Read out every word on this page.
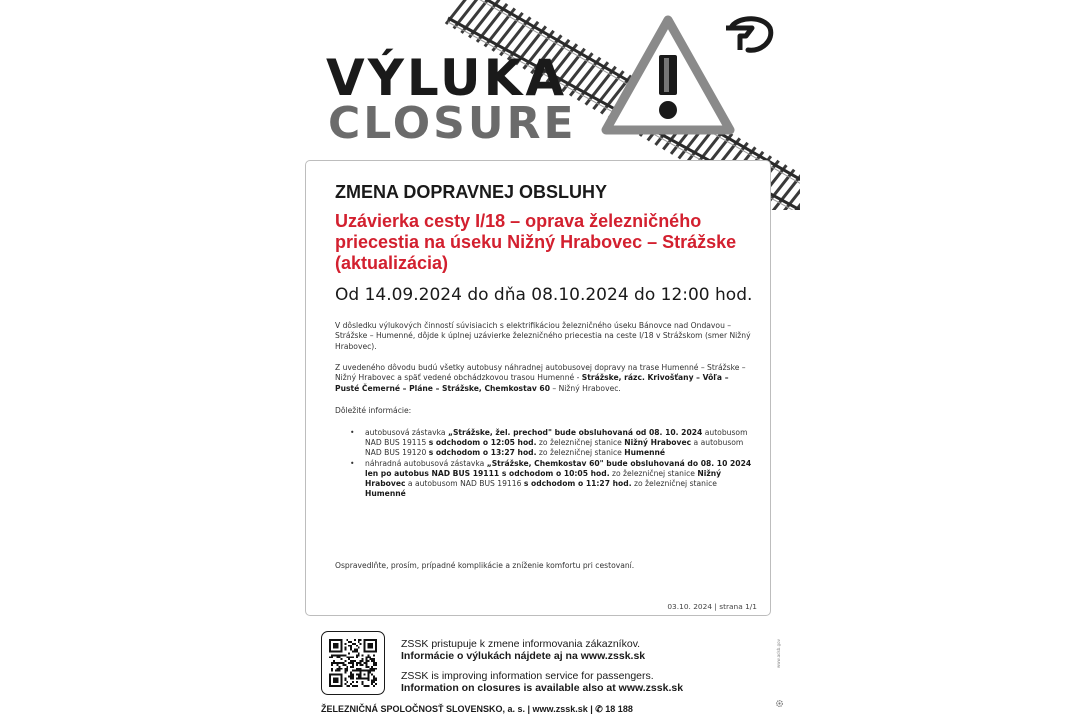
VÝLUKA
CLOSURE
ZMENA DOPRAVNEJ OBSLUHY
Uzávierka cesty I/18 – oprava železničného priecestia na úseku Nižný Hrabovec – Strážske (aktualizácia)
Od 14.09.2024 do dňa 08.10.2024 do 12:00 hod.
V dôsledku výlukových činností súvisiacich s elektrifikáciou železničného úseku Bánovce nad Ondavou – Strážske – Humenné, dôjde k úplnej uzávierke železničného priecestia na ceste I/18 v Strážskom (smer Nižný Hrabovec).
Z uvedeného dôvodu budú všetky autobusy náhradnej autobusovej dopravy na trase Humenné – Strážske – Nižný Hrabovec a späť vedené obchádzkovou trasou Humenné - Strážske, rázc. Krivošťany – Vôľa – Pusté Čemerné – Pláne – Strážske, Chemkostav 60 – Nižný Hrabovec.
Dôležité informácie:
• autobusová zástavka „Strážske, žel. prechod" bude obsluhovaná od 08. 10. 2024 autobusom NAD BUS 19115 s odchodom o 12:05 hod. zo železničnej stanice Nižný Hrabovec a autobusom NAD BUS 19120 s odchodom o 13:27 hod. zo železničnej stanice Humenné
• náhradná autobusová zástavka „Strážske, Chemkostav 60" bude obsluhovaná do 08. 10 2024 len po autobus NAD BUS 19111 s odchodom o 10:05 hod. zo železničnej stanice Nižný Hrabovec a autobusom NAD BUS 19116 s odchodom o 11:27 hod. zo železničnej stanice Humenné
Ospravedlňte, prosím, prípadné komplikácie a zníženie komfortu pri cestovaní.
03.10. 2024 | strana 1/1
ZSSK pristupuje k zmene informovania zákazníkov.
Informácie o výlukách nájdete aj na www.zssk.sk
ZSSK is improving information service for passengers.
Information on closures is available also at www.zssk.sk
ŽELEZNIČNÁ SPOLOČNOSŤ SLOVENSKO, a. s. | www.zssk.sk | ✆ 18 188
www.adsb.gov
